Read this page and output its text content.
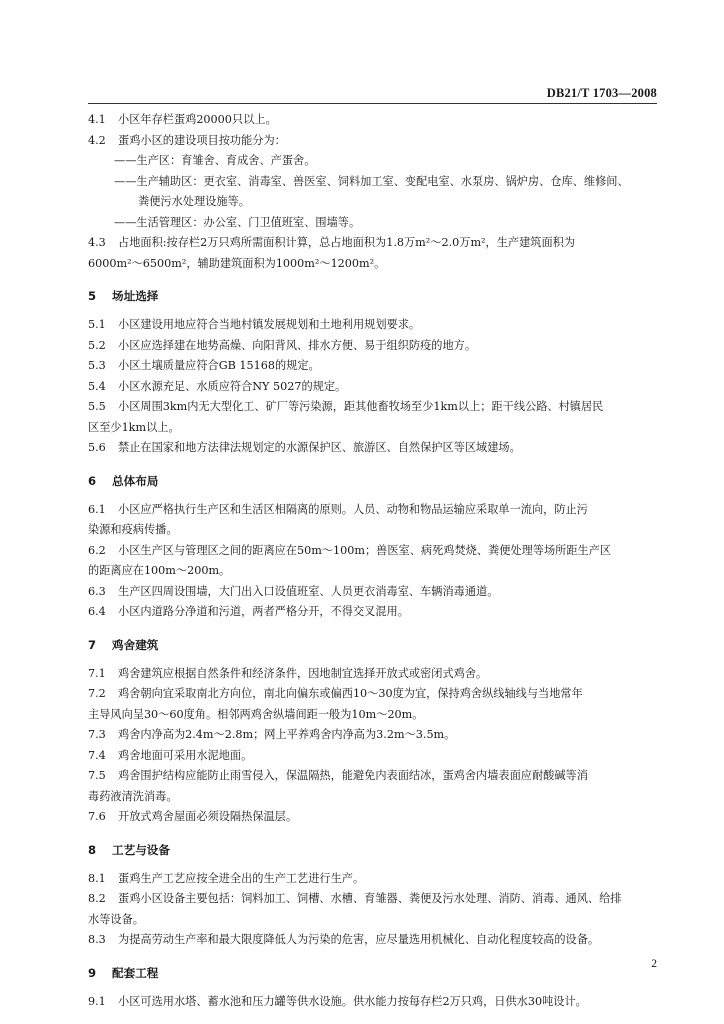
DB21/T 1703—2008

4.1 小区年存栏蛋鸡20000只以上。

4.2 蛋鸡小区的建设项目按功能分为：

——生产区：育雏舍、育成舍、产蛋舍。

——生产辅助区：更衣室、消毒室、兽医室、饲料加工室、变配电室、水泵房、锅炉房、仓库、维修间、

粪便污水处理设施等。

——生活管理区：办公室、门卫值班室、围墙等。

4.3 占地面积:按存栏2万只鸡所需面积计算，总占地面积为1.8万m²～2.0万m²，生产建筑面积为

6000m²～6500m²，辅助建筑面积为1000m²～1200m²。

5 场址选择

5.1 小区建设用地应符合当地村镇发展规划和土地利用规划要求。

5.2 小区应选择建在地势高燥、向阳背风、排水方便、易于组织防疫的地方。

5.3 小区土壤质量应符合GB 15168的规定。

5.4 小区水源充足、水质应符合NY 5027的规定。

5.5 小区周围3km内无大型化工、矿厂等污染源，距其他畜牧场至少1km以上；距干线公路、村镇居民

区至少1km以上。

5.6 禁止在国家和地方法律法规划定的水源保护区、旅游区、自然保护区等区域建场。

6 总体布局

6.1 小区应严格执行生产区和生活区相隔离的原则。人员、动物和物品运输应采取单一流向，防止污

染源和疫病传播。

6.2 小区生产区与管理区之间的距离应在50m～100m；兽医室、病死鸡焚烧、粪便处理等场所距生产区

的距离应在100m～200m。

6.3 生产区四周设围墙，大门出入口设值班室、人员更衣消毒室、车辆消毒通道。

6.4 小区内道路分净道和污道，两者严格分开，不得交叉混用。

7 鸡舍建筑

7.1 鸡舍建筑应根据自然条件和经济条件，因地制宜选择开放式或密闭式鸡舍。

7.2 鸡舍朝向宜采取南北方向位，南北向偏东或偏西10～30度为宜，保持鸡舍纵线轴线与当地常年

主导风向呈30～60度角。相邻两鸡舍纵墙间距一般为10m～20m。

7.3 鸡舍内净高为2.4m～2.8m；网上平养鸡舍内净高为3.2m～3.5m。

7.4 鸡舍地面可采用水泥地面。

7.5 鸡舍围护结构应能防止雨雪侵入，保温隔热，能避免内表面结冰，蛋鸡舍内墙表面应耐酸碱等消

毒药液清洗消毒。

7.6 开放式鸡舍屋面必须设隔热保温层。

8 工艺与设备

8.1 蛋鸡生产工艺应按全进全出的生产工艺进行生产。

8.2 蛋鸡小区设备主要包括：饲料加工、饲槽、水槽、育雏器、粪便及污水处理、消防、消毒、通风、给排

水等设备。

8.3 为提高劳动生产率和最大限度降低人为污染的危害，应尽量选用机械化、自动化程度较高的设备。

9 配套工程

9.1 小区可选用水塔、蓄水池和压力罐等供水设施。供水能力按每存栏2万只鸡，日供水30吨设计。

2
